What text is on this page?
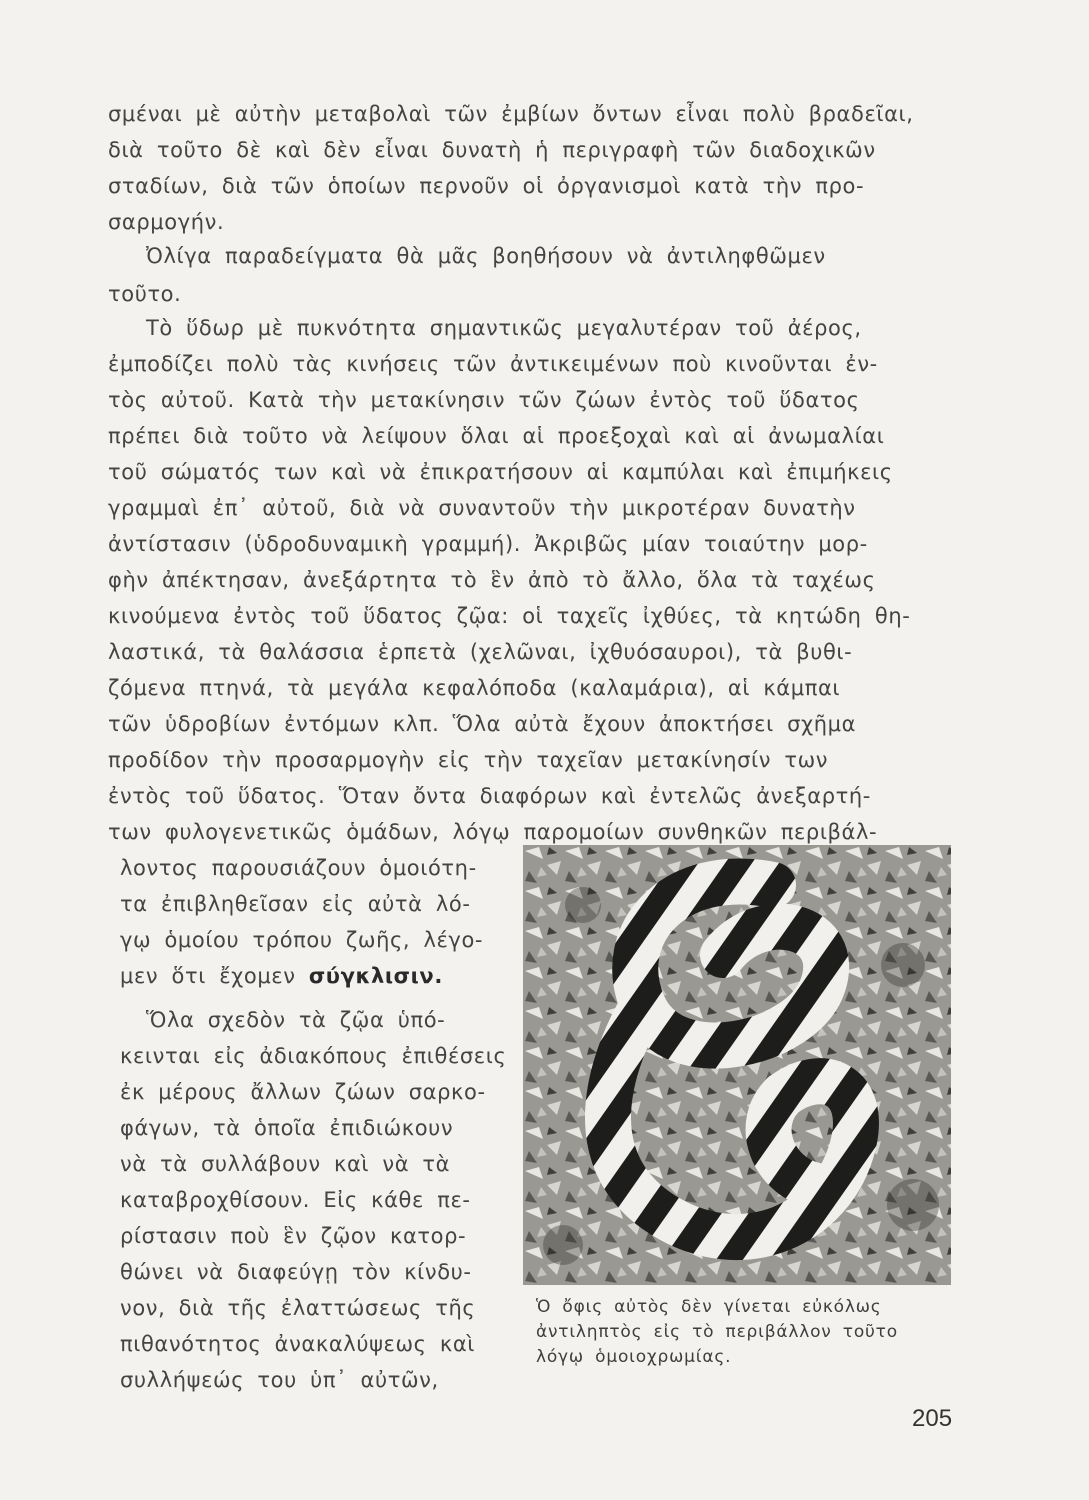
σμέναι μὲ αὐτὴν μεταβολαὶ τῶν ἐμβίων ὄντων εἶναι πολὺ βραδεῖαι,

διὰ τοῦτο δὲ καὶ δὲν εἶναι δυνατὴ ἡ περιγραφὴ τῶν διαδοχικῶν

σταδίων, διὰ τῶν ὁποίων περνοῦν οἱ ὀργανισμοὶ κατὰ τὴν προ-

σαρμογήν.

Ὀλίγα παραδείγματα θὰ μᾶς βοηθήσουν νὰ ἀντιληφθῶμεν

τοῦτο.

Τὸ ὕδωρ μὲ πυκνότητα σημαντικῶς μεγαλυτέραν τοῦ ἀέρος,

ἐμποδίζει πολὺ τὰς κινήσεις τῶν ἀντικειμένων ποὺ κινοῦνται ἐν-

τὸς αὐτοῦ. Κατὰ τὴν μετακίνησιν τῶν ζώων ἐντὸς τοῦ ὕδατος

πρέπει διὰ τοῦτο νὰ λείψουν ὅλαι αἱ προεξοχαὶ καὶ αἱ ἀνωμαλίαι

τοῦ σώματός των καὶ νὰ ἐπικρατήσουν αἱ καμπύλαι καὶ ἐπιμήκεις

γραμμαὶ ἐπ᾽ αὐτοῦ, διὰ νὰ συναντοῦν τὴν μικροτέραν δυνατὴν

ἀντίστασιν (ὑδροδυναμικὴ γραμμή). Ἀκριβῶς μίαν τοιαύτην μορ-

φὴν ἀπέκτησαν, ἀνεξάρτητα τὸ ἓν ἀπὸ τὸ ἄλλο, ὅλα τὰ ταχέως

κινούμενα ἐντὸς τοῦ ὕδατος ζῷα: οἱ ταχεῖς ἰχθύες, τὰ κητώδη θη-

λαστικά, τὰ θαλάσσια ἑρπετὰ (χελῶναι, ἰχθυόσαυροι), τὰ βυθι-

ζόμενα πτηνά, τὰ μεγάλα κεφαλόποδα (καλαμάρια), αἱ κάμπαι

τῶν ὑδροβίων ἐντόμων κλπ. Ὅλα αὐτὰ ἔχουν ἀποκτήσει σχῆμα

προδίδον τὴν προσαρμογὴν εἰς τὴν ταχεῖαν μετακίνησίν των

ἐντὸς τοῦ ὕδατος. Ὅταν ὄντα διαφόρων καὶ ἐντελῶς ἀνεξαρτή-

των φυλογενετικῶς ὁμάδων, λόγῳ παρομοίων συνθηκῶν περιβάλ-

λοντος παρουσιάζουν ὁμοιότη-

τα ἐπιβληθεῖσαν εἰς αὐτὰ λό-

γῳ ὁμοίου τρόπου ζωῆς, λέγο-

μεν ὅτι ἔχομεν σύγκλισιν.

Ὅλα σχεδὸν τὰ ζῷα ὑπό-

κεινται εἰς ἀδιακόπους ἐπιθέσεις

ἐκ μέρους ἄλλων ζώων σαρκο-

φάγων, τὰ ὁποῖα ἐπιδιώκουν

νὰ τὰ συλλάβουν καὶ νὰ τὰ

καταβροχθίσουν. Εἰς κάθε πε-

ρίστασιν ποὺ ἓν ζῷον κατορ-

θώνει νὰ διαφεύγῃ τὸν κίνδυ-

νον, διὰ τῆς ἐλαττώσεως τῆς

πιθανότητος ἀνακαλύψεως καὶ

συλλήψεώς του ὑπ᾽ αὐτῶν,

Ὁ ὄφις αὐτὸς δὲν γίνεται εὐκόλως

ἀντιληπτὸς εἰς τὸ περιβάλλον τοῦτο

λόγῳ ὁμοιοχρωμίας.

205
